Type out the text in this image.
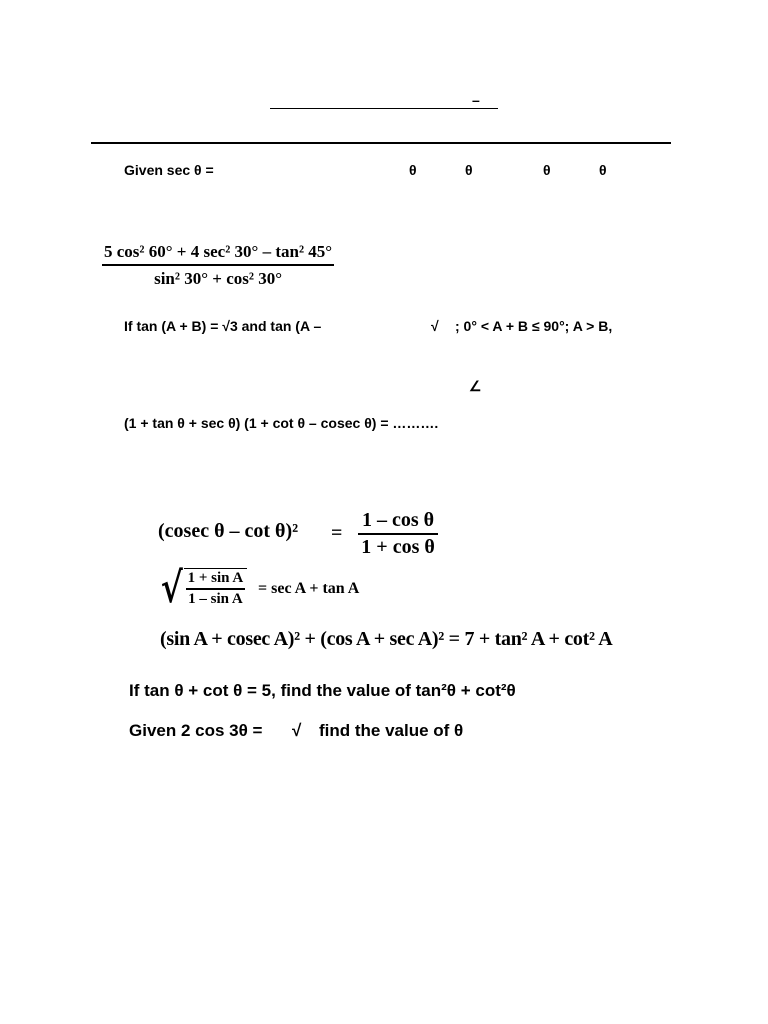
–
Given sec θ =	θ	θ	θ	θ
5 cos² 60° + 4 sec² 30° – tan² 45°
sin² 30° + cos² 30°
If tan (A + B) = √3 and tan (A –	√ ; 0° < A + B ≤ 90°; A > B,
∠
(1 + tan θ + sec θ) (1 + cot θ – cosec θ) = ……….
(cosec θ – cot θ)² =
1 – cos θ
1 + cos θ
√ $\frac{\text{1 + sin A}}{\text{1 – sin A}} = \sec A + \tan A$
(sin A + cosec A)² + (cos A + sec A)² = 7 + tan² A + cot² A
If tan θ + cot θ = 5, find the value of tan²θ + cot²θ
Given 2 cos 3θ = √ find the value of θ
